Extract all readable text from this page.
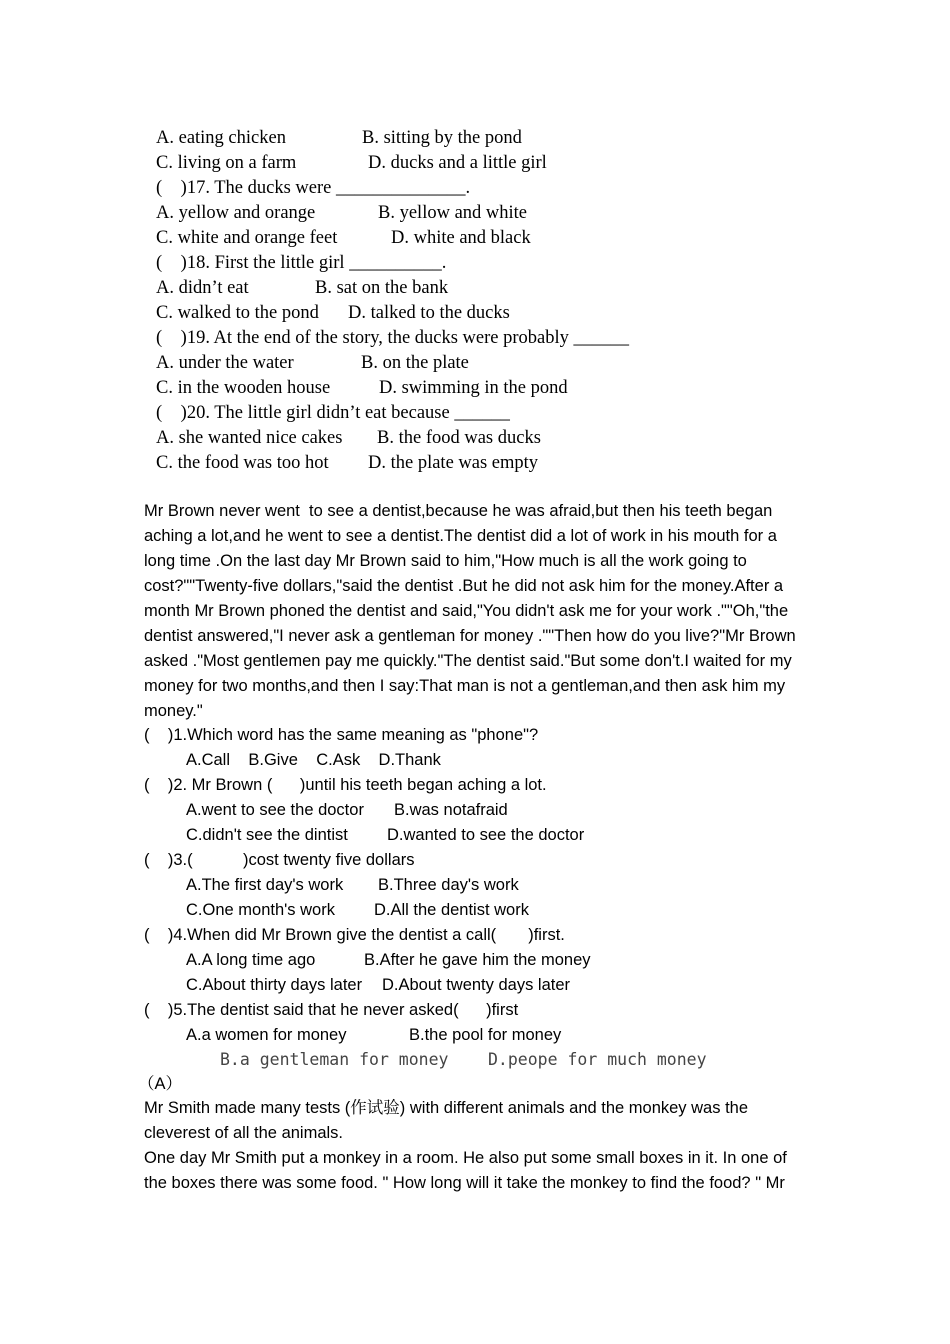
A. eating chicken	B. sitting by the pond
C. living on a farm	D. ducks and a little girl
(    )17. The ducks were ______________.
A. yellow and orange	B. yellow and white
C. white and orange feet	D. white and black
(    )18. First the little girl __________.
A. didn’t eat	B. sat on the bank
C. walked to the pond D. talked to the ducks
(    )19. At the end of the story, the ducks were probably ______
A. under the water	B. on the plate
C. in the wooden house	D. swimming in the pond
(    )20. The little girl didn’t eat because ______
A. she wanted nice cakes B. the food was ducks
C. the food was too hot D. the plate was empty
Mr Brown never went  to see a dentist,because he was afraid,but then his teeth began
aching a lot,and he went to see a dentist.The dentist did a lot of work in his mouth for a
long time .On the last day Mr Brown said to him,"How much is all the work going to
cost?""Twenty-five dollars,"said the dentist .But he did not ask him for the money.After a
month Mr Brown phoned the dentist and said,"You didn't ask me for your work .""Oh,"the
dentist answered,"I never ask a gentleman for money .""Then how do you live?"Mr Brown
asked ."Most gentlemen pay me quickly."The dentist said."But some don't.I waited for my
money for two months,and then I say:That man is not a gentleman,and then ask him my
money."
(    )1.Which word has the same meaning as "phone"?
A.Call    B.Give    C.Ask    D.Thank
(    )2. Mr Brown (      )until his teeth began aching a lot.
A.went to see the doctor B.was notafraid
C.didn't see the dintist D.wanted to see the doctor
(    )3.(           )cost twenty five dollars
A.The first day's work B.Three day's work
C.One month's work D.All the dentist work
(    )4.When did Mr Brown give the dentist a call(       )first.
A.A long time ago	B.After he gave him the money
C.About thirty days later D.About twenty days later
(    )5.The dentist said that he never asked(      )first
A.a women for money	B.the pool for money
B.a gentleman for money D.peope for much money
（A）
Mr Smith made many tests (作试验) with different animals and the monkey was the
cleverest of all the animals.
One day Mr Smith put a monkey in a room. He also put some small boxes in it. In one of
the boxes there was some food. " How long will it take the monkey to find the food? " Mr
